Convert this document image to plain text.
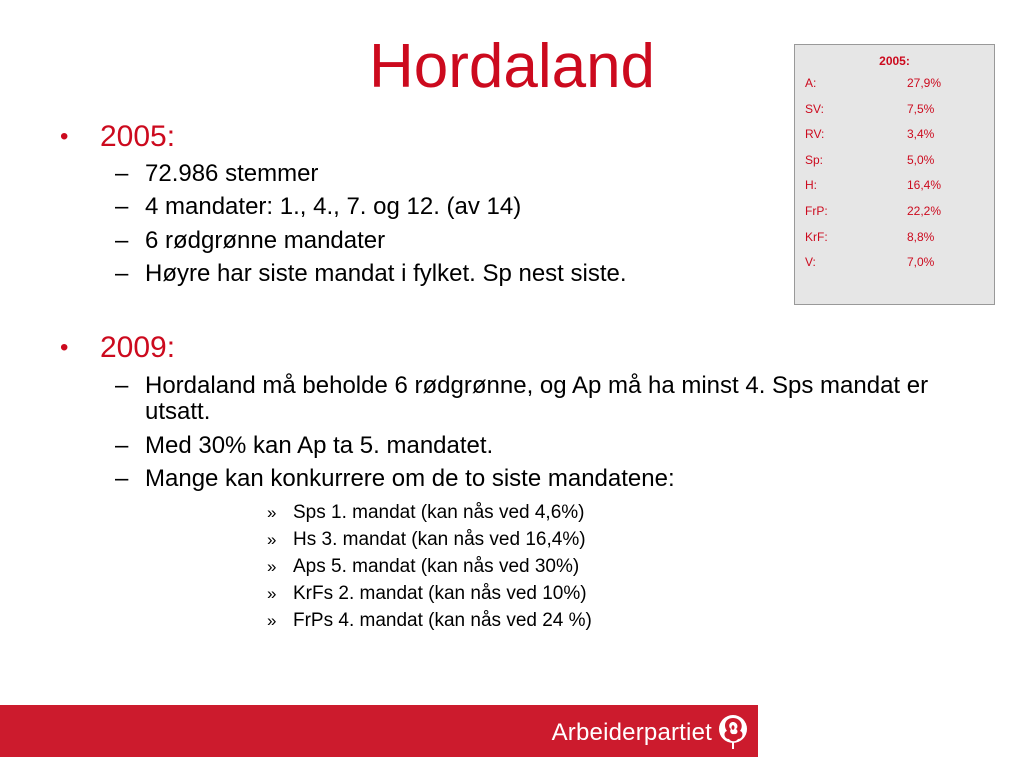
Hordaland	2005:
A:	27,9%
SV:	7,5%
RV:	3,4%
Sp:	5,0%
H:	16,4%
FrP:	22,2%
KrF:	8,8%
V:	7,0%
• 2005:
– 72.986 stemmer
– 4 mandater: 1., 4., 7. og 12. (av 14)
– 6 rødgrønne mandater
– Høyre har siste mandat i fylket. Sp nest siste.
• 2009:
– Hordaland må beholde 6 rødgrønne, og Ap må ha minst 4. Sps mandat er utsatt.
– Med 30% kan Ap ta 5. mandatet.
– Mange kan konkurrere om de to siste mandatene:
» Sps 1. mandat (kan nås ved 4,6%)
» Hs 3. mandat (kan nås ved 16,4%)
» Aps 5. mandat (kan nås ved 30%)
» KrFs 2. mandat (kan nås ved 10%)
» FrPs 4. mandat (kan nås ved 24 %)
Arbeiderpartiet
